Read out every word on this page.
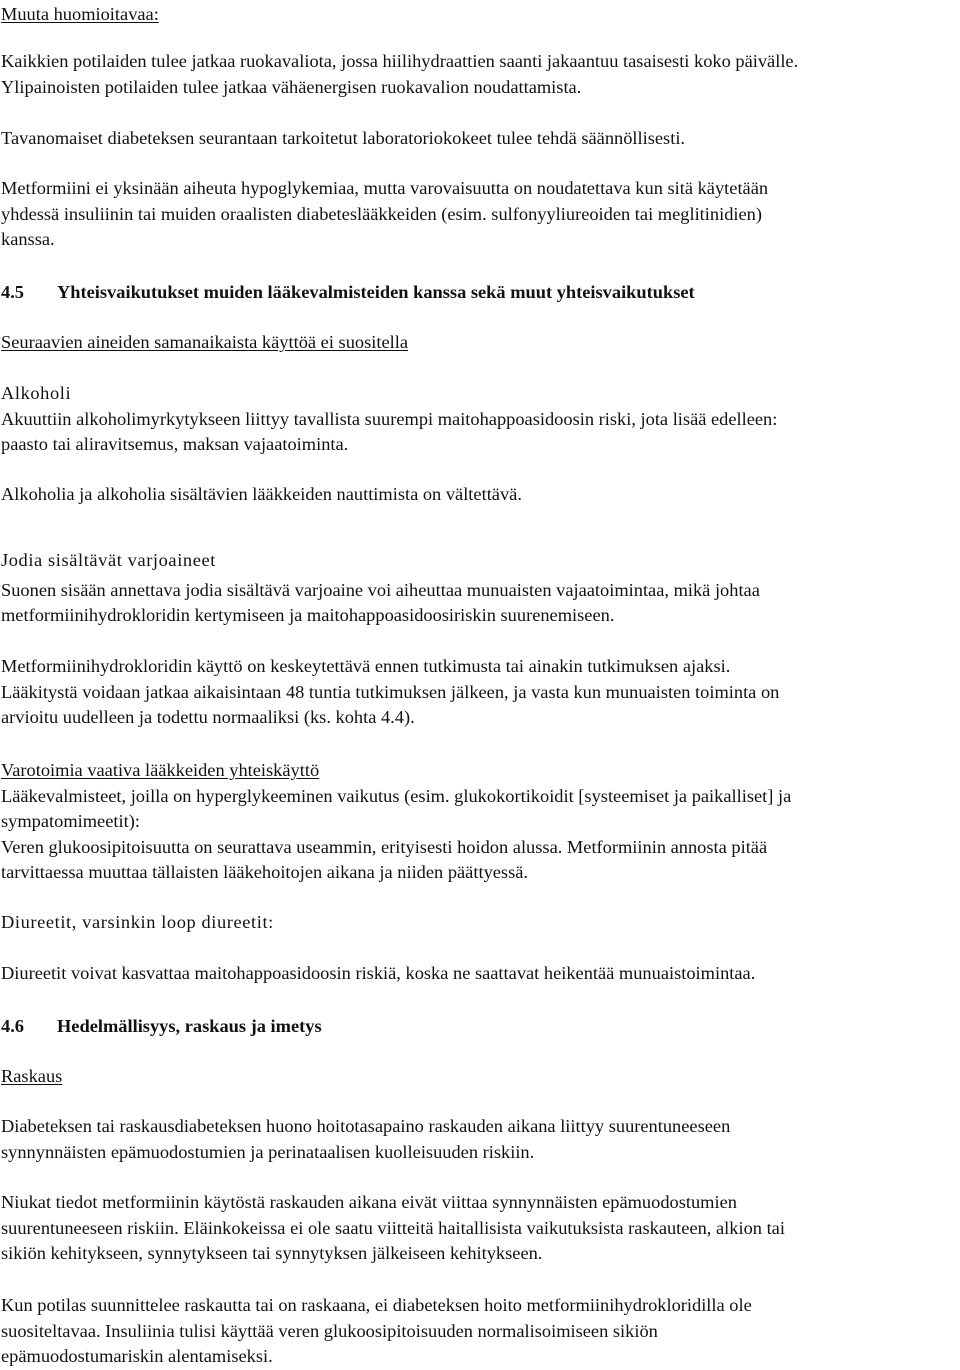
Muuta huomioitavaa:
Kaikkien potilaiden tulee jatkaa ruokavaliota, jossa hiilihydraattien saanti jakaantuu tasaisesti koko päivälle.
Ylipainoisten potilaiden tulee jatkaa vähäenergisen ruokavalion noudattamista.
Tavanomaiset diabeteksen seurantaan tarkoitetut laboratoriokokeet tulee tehdä säännöllisesti.
Metformiini ei yksinään aiheuta hypoglykemiaa, mutta varovaisuutta on noudatettava kun sitä käytetään
yhdessä insuliinin tai muiden oraalisten diabeteslääkkeiden (esim. sulfonyyliureoiden tai meglitinidien)
kanssa.
4.5 Yhteisvaikutukset muiden lääkevalmisteiden kanssa sekä muut yhteisvaikutukset
Seuraavien aineiden samanaikaista käyttöä ei suositella
Alkoholi
Akuuttiin alkoholimyrkytykseen liittyy tavallista suurempi maitohappoasidoosin riski, jota lisää edelleen:
paasto tai aliravitsemus, maksan vajaatoiminta.
Alkoholia ja alkoholia sisältävien lääkkeiden nauttimista on vältettävä.
Jodia sisältävät varjoaineet
Suonen sisään annettava jodia sisältävä varjoaine voi aiheuttaa munuaisten vajaatoimintaa, mikä johtaa
metformiinihydrokloridin kertymiseen ja maitohappoasidoosiriskin suurenemiseen.
Metformiinihydrokloridin käyttö on keskeytettävä ennen tutkimusta tai ainakin tutkimuksen ajaksi.
Lääkitystä voidaan jatkaa aikaisintaan 48 tuntia tutkimuksen jälkeen, ja vasta kun munuaisten toiminta on
arvioitu uudelleen ja todettu normaaliksi (ks. kohta 4.4).
Varotoimia vaativa lääkkeiden yhteiskäyttö
Lääkevalmisteet, joilla on hyperglykeeminen vaikutus (esim. glukokortikoidit [systeemiset ja paikalliset] ja
sympatomimeetit):
Veren glukoosipitoisuutta on seurattava useammin, erityisesti hoidon alussa. Metformiinin annosta pitää
tarvittaessa muuttaa tällaisten lääkehoitojen aikana ja niiden päättyessä.
Diureetit, varsinkin loop diureetit:
Diureetit voivat kasvattaa maitohappoasidoosin riskiä, koska ne saattavat heikentää munuaistoimintaa.
4.6 Hedelmällisyys, raskaus ja imetys
Raskaus
Diabeteksen tai raskausdiabeteksen huono hoitotasapaino raskauden aikana liittyy suurentuneeseen
synnynnäisten epämuodostumien ja perinataalisen kuolleisuuden riskiin.
Niukat tiedot metformiinin käytöstä raskauden aikana eivät viittaa synnynnäisten epämuodostumien
suurentuneeseen riskiin. Eläinkokeissa ei ole saatu viitteitä haitallisista vaikutuksista raskauteen, alkion tai
sikiön kehitykseen, synnytykseen tai synnytyksen jälkeiseen kehitykseen.
Kun potilas suunnittelee raskautta tai on raskaana, ei diabeteksen hoito metformiinihydrokloridilla ole
suositeltavaa. Insuliinia tulisi käyttää veren glukoosipitoisuuden normalisoimiseen sikiön
epämuodostumariskin alentamiseksi.
